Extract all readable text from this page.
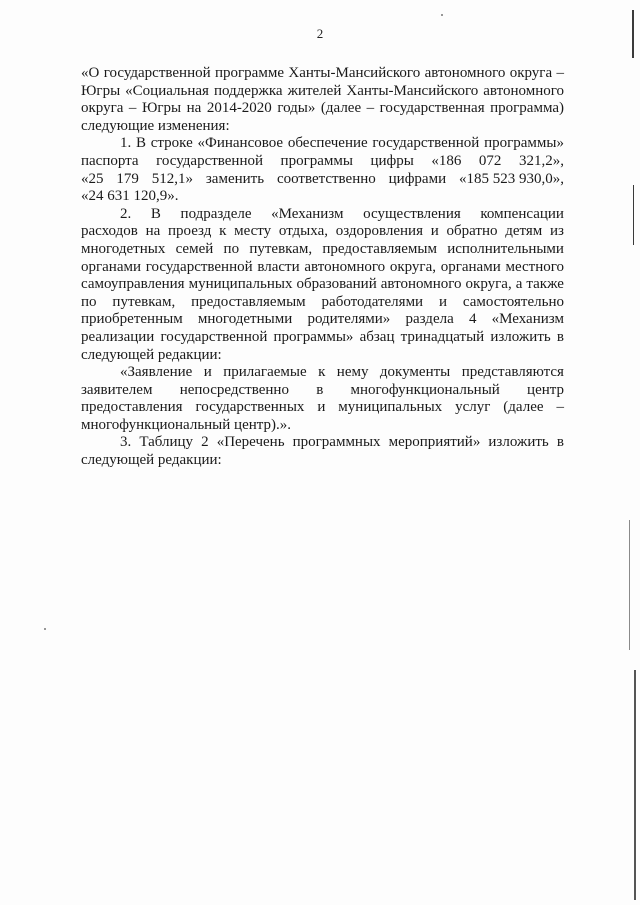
2
«О государственной программе Ханты-Мансийского автономного округа –
Югры «Социальная поддержка жителей Ханты-Мансийского автономного
округа – Югры на 2014-2020 годы» (далее – государственная программа)
следующие изменения:
1. В строке «Финансовое обеспечение государственной программы»
паспорта государственной программы цифры «186 072 321,2»,
«25 179 512,1» заменить соответственно цифрами «185 523 930,0»,
«24 631 120,9».
2. В подразделе «Механизм осуществления компенсации
расходов на проезд к месту отдыха, оздоровления и обратно детям из
многодетных семей по путевкам, предоставляемым исполнительными
органами государственной власти автономного округа, органами местного
самоуправления муниципальных образований автономного округа, а также
по путевкам, предоставляемым работодателями и самостоятельно
приобретенным многодетными родителями» раздела 4 «Механизм
реализации государственной программы» абзац тринадцатый изложить в
следующей редакции:
«Заявление и прилагаемые к нему документы представляются
заявителем непосредственно в многофункциональный центр
предоставления государственных и муниципальных услуг (далее –
многофункциональный центр).».
3. Таблицу 2 «Перечень программных мероприятий» изложить в
следующей редакции:
